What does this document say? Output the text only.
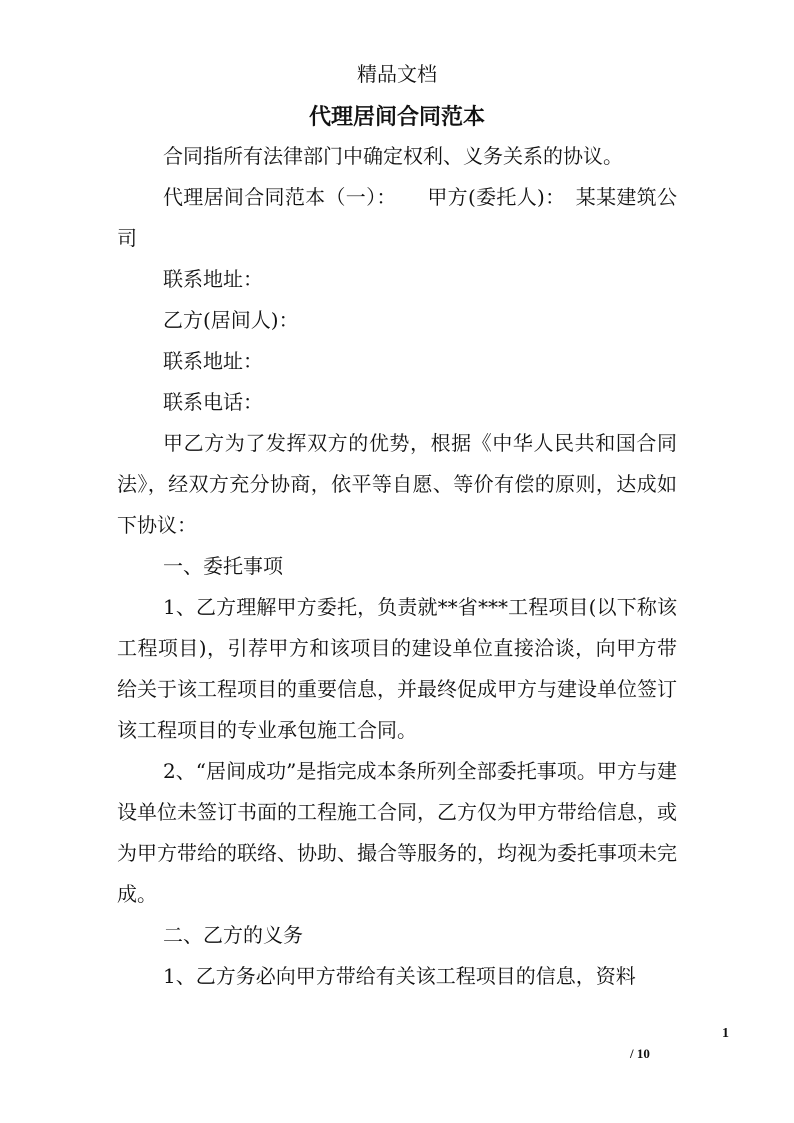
精品文档
代理居间合同范本

合同指所有法律部门中确定权利、义务关系的协议。

代理居间合同范本（一）：　　甲方(委托人)：　某某建筑公司

联系地址：

乙方(居间人)：

联系地址：

联系电话：

甲乙方为了发挥双方的优势，根据《中华人民共和国合同法》，经双方充分协商，依平等自愿、等价有偿的原则，达成如下协议：

一、委托事项

1、乙方理解甲方委托，负责就**省***工程项目(以下称该工程项目)，引荐甲方和该项目的建设单位直接洽谈，向甲方带给关于该工程项目的重要信息，并最终促成甲方与建设单位签订该工程项目的专业承包施工合同。

2、“居间成功”是指完成本条所列全部委托事项。甲方与建设单位未签订书面的工程施工合同，乙方仅为甲方带给信息，或为甲方带给的联络、协助、撮合等服务的，均视为委托事项未完成。

二、乙方的义务

1、乙方务必向甲方带给有关该工程项目的信息，资料

1
/ 10
